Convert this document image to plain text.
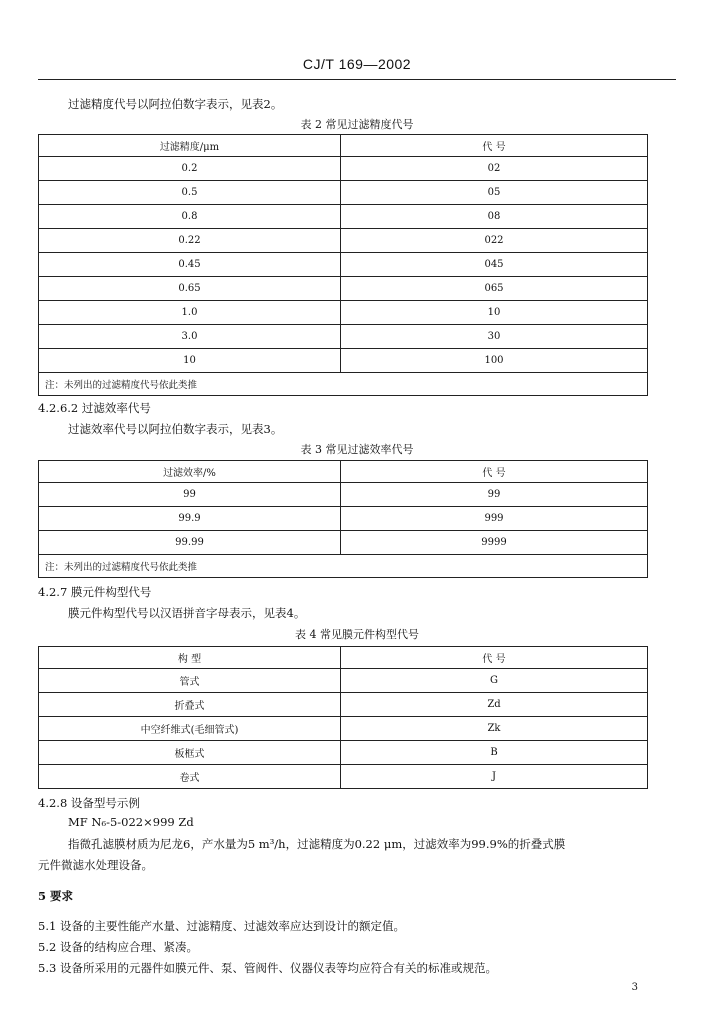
CJ/T 169—2002
过滤精度代号以阿拉伯数字表示，见表2。
表 2 常见过滤精度代号
过滤精度/μm	代 号
0.2	02
0.5	05
0.8	08
0.22	022
0.45	045
0.65	065
1.0	10
3.0	30
10	100
注：未列出的过滤精度代号依此类推	
4.2.6.2 过滤效率代号
过滤效率代号以阿拉伯数字表示，见表3。
表 3 常见过滤效率代号
过滤效率/%	代 号
99	99
99.9	999
99.99	9999
注：未列出的过滤精度代号依此类推	
4.2.7 膜元件构型代号
膜元件构型代号以汉语拼音字母表示，见表4。
表 4 常见膜元件构型代号
构 型	代 号
管式	G
折叠式	Zd
中空纤维式(毛细管式)	Zk
板框式	B
卷式	J
4.2.8 设备型号示例
MF N₆-5-022×999 Zd
指微孔滤膜材质为尼龙6，产水量为5 m³/h，过滤精度为0.22 μm，过滤效率为99.9%的折叠式膜
元件微滤水处理设备。
5 要求
5.1 设备的主要性能产水量、过滤精度、过滤效率应达到设计的额定值。
5.2 设备的结构应合理、紧凑。
5.3 设备所采用的元器件如膜元件、泵、管阀件、仪器仪表等均应符合有关的标准或规范。
3
